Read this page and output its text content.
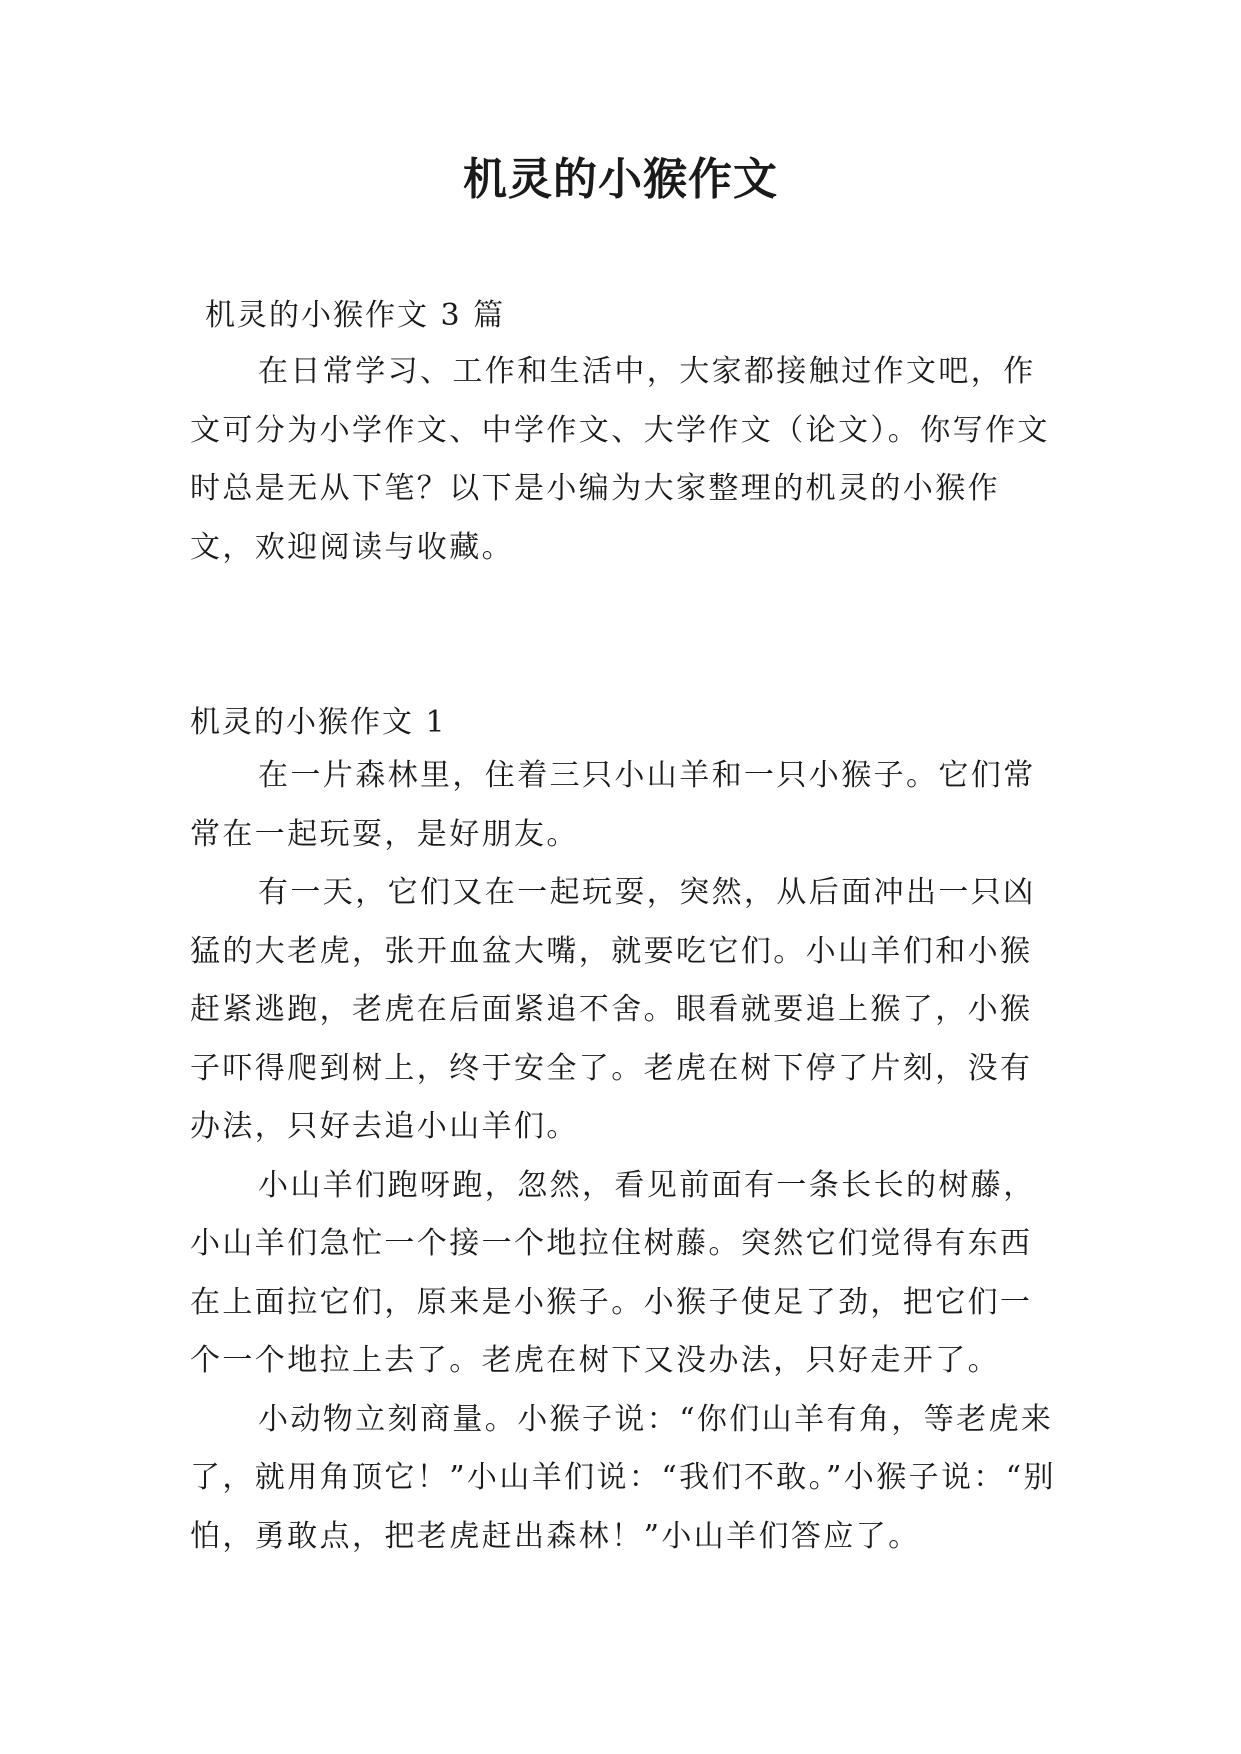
机灵的小猴作文
机灵的小猴作文 3 篇

在日常学习、工作和生活中，大家都接触过作文吧，作文可分为小学作文、中学作文、大学作文（论文）。你写作文时总是无从下笔？以下是小编为大家整理的机灵的小猴作文，欢迎阅读与收藏。

机灵的小猴作文 1

在一片森林里，住着三只小山羊和一只小猴子。它们常常在一起玩耍，是好朋友。

有一天，它们又在一起玩耍，突然，从后面冲出一只凶猛的大老虎，张开血盆大嘴，就要吃它们。小山羊们和小猴赶紧逃跑，老虎在后面紧追不舍。眼看就要追上猴了，小猴子吓得爬到树上，终于安全了。老虎在树下停了片刻，没有办法，只好去追小山羊们。

小山羊们跑呀跑，忽然，看见前面有一条长长的树藤，小山羊们急忙一个接一个地拉住树藤。突然它们觉得有东西在上面拉它们，原来是小猴子。小猴子使足了劲，把它们一个一个地拉上去了。老虎在树下又没办法，只好走开了。

小动物立刻商量。小猴子说：“你们山羊有角，等老虎来了，就用角顶它！”小山羊们说：“我们不敢。”小猴子说：“别怕，勇敢点，把老虎赶出森林！”小山羊们答应了。
